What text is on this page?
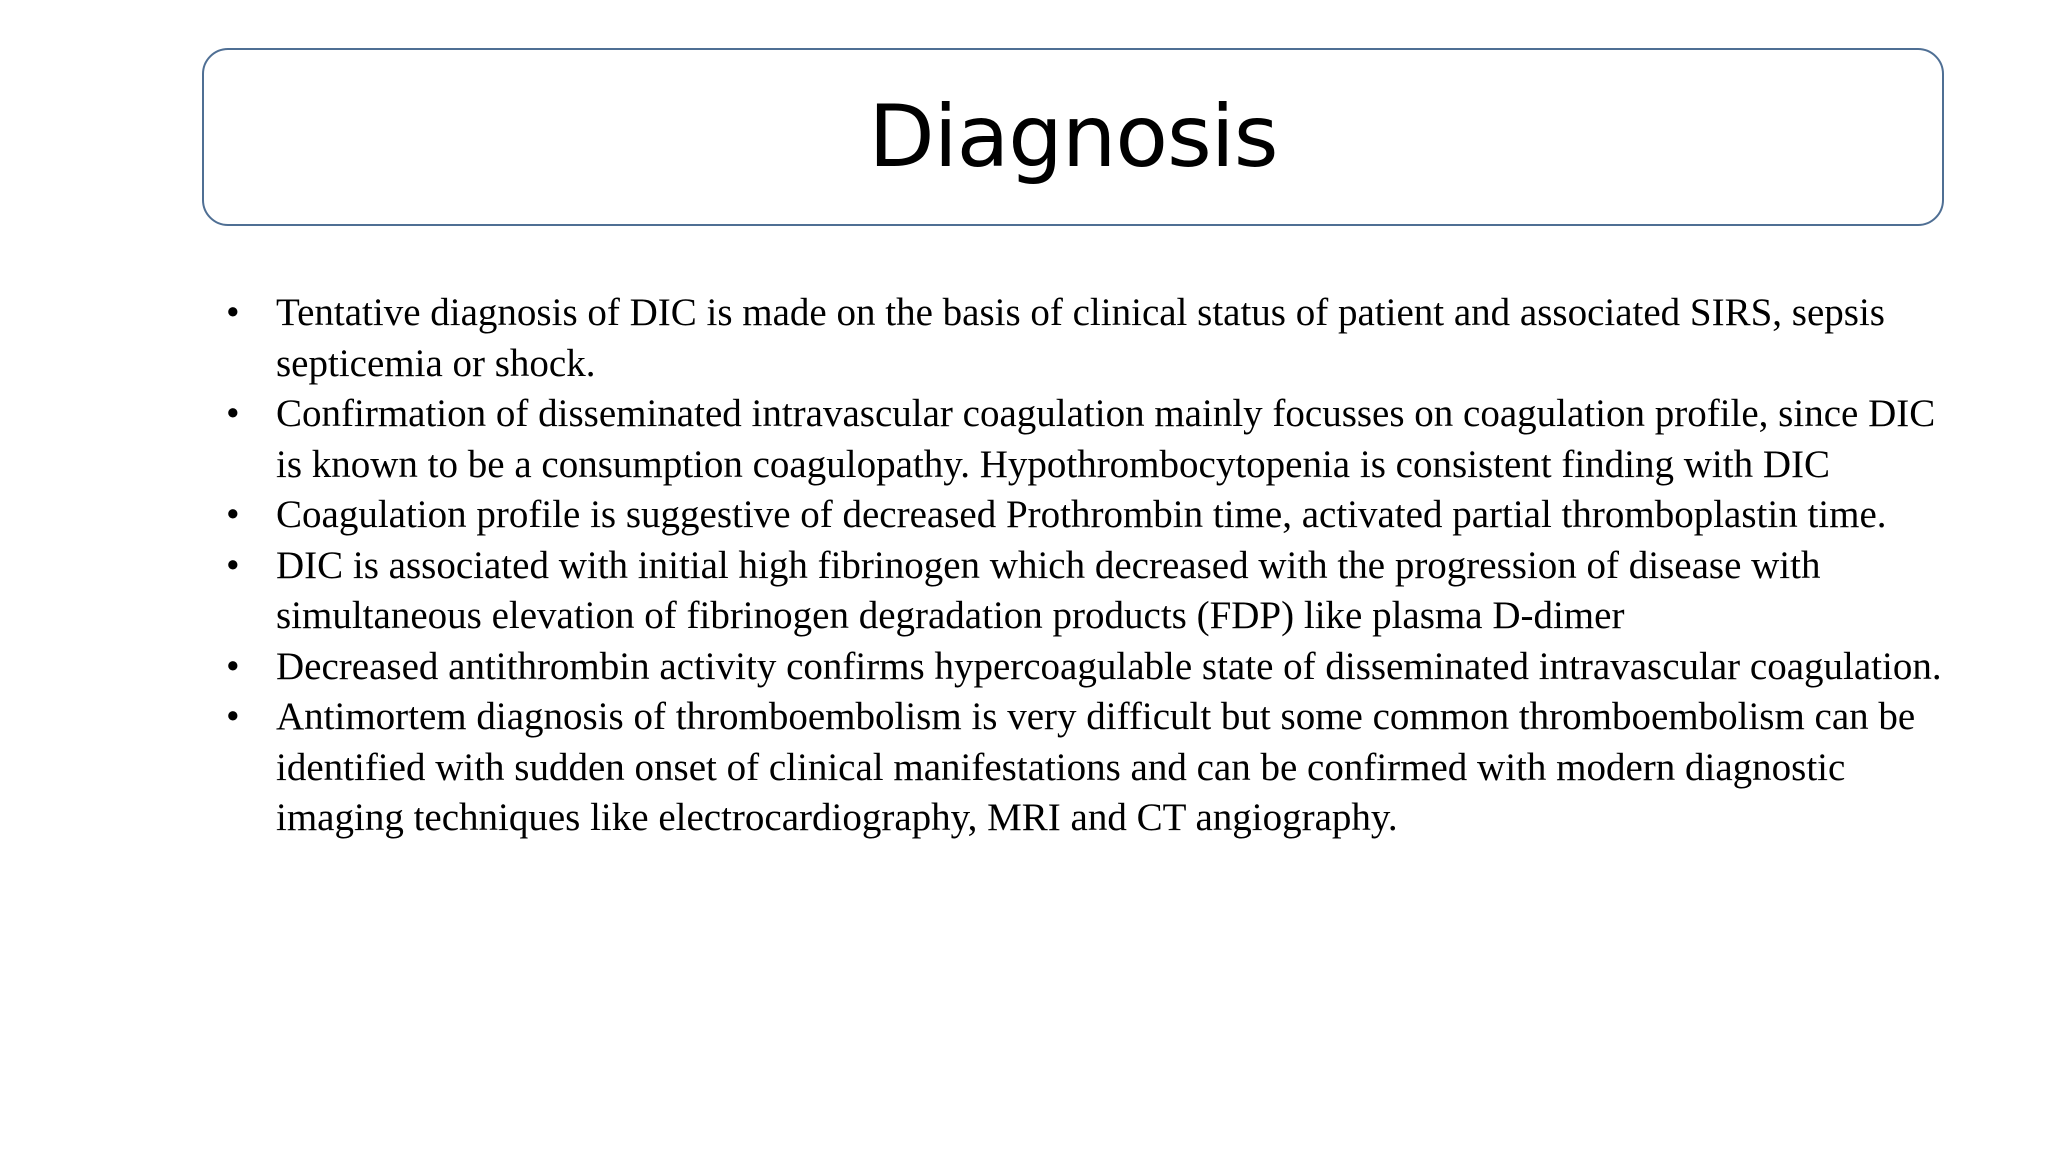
Diagnosis
• Tentative diagnosis of DIC is made on the basis of clinical status of patient and associated SIRS, sepsis septicemia or shock.
• Confirmation of disseminated intravascular coagulation mainly focusses on coagulation profile, since DIC is known to be a consumption coagulopathy. Hypothrombocytopenia is consistent finding with DIC
• Coagulation profile is suggestive of decreased Prothrombin time, activated partial thromboplastin time.
• DIC is associated with initial high fibrinogen which decreased with the progression of disease with simultaneous elevation of fibrinogen degradation products (FDP) like plasma D-dimer
• Decreased antithrombin activity confirms hypercoagulable state of disseminated intravascular coagulation.
• Antimortem diagnosis of thromboembolism is very difficult but some common thromboembolism can be identified with sudden onset of clinical manifestations and can be confirmed with modern diagnostic imaging techniques like electrocardiography, MRI and CT angiography.
